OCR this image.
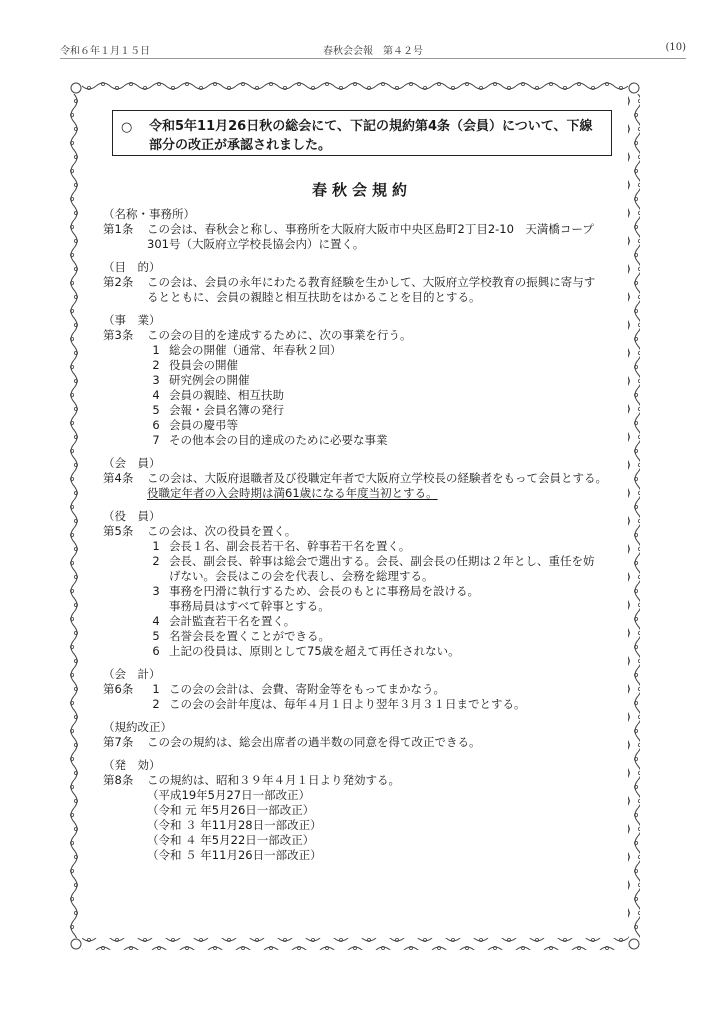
令和６年１月１５日	春秋会会報　第４２号	(10)
○ 令和5年11月26日秋の総会にて、下記の規約第4条（会員）について、下線
部分の改正が承認されました。
春秋会規約
（名称・事務所）
第1条 この会は、春秋会と称し、事務所を大阪府大阪市中央区島町2丁目2-10　天満橋コープ
301号（大阪府立学校長協会内）に置く。
（目　的）
第2条 この会は、会員の永年にわたる教育経験を生かして、大阪府立学校教育の振興に寄与す
るとともに、会員の親睦と相互扶助をはかることを目的とする。
（事　業）
第3条 この会の目的を達成するために、次の事業を行う。
1 総会の開催（通常、年春秋２回）
2 役員会の開催
3 研究例会の開催
4 会員の親睦、相互扶助
5 会報・会員名簿の発行
6 会員の慶弔等
7 その他本会の目的達成のために必要な事業
（会　員）
第4条 この会は、大阪府退職者及び役職定年者で大阪府立学校長の経験者をもって会員とする。
役職定年者の入会時期は満61歳になる年度当初とする。
（役　員）
第5条 この会は、次の役員を置く。
1 会長１名、副会長若干名、幹事若干名を置く。
2 会長、副会長、幹事は総会で選出する。会長、副会長の任期は２年とし、重任を妨
げない。会長はこの会を代表し、会務を総理する。
3 事務を円滑に執行するため、会長のもとに事務局を設ける。
事務局員はすべて幹事とする。
4 会計監査若干名を置く。
5 名誉会長を置くことができる。
6 上記の役員は、原則として75歳を超えて再任されない。
（会　計）
第6条 1 この会の会計は、会費、寄附金等をもってまかなう。
2 この会の会計年度は、毎年４月１日より翌年３月３１日までとする。
（規約改正）
第7条 この会の規約は、総会出席者の過半数の同意を得て改正できる。
（発　効）
第8条 この規約は、昭和３９年４月１日より発効する。
（平成19年5月27日一部改正）
（令和 元 年5月26日一部改正）
（令和 ３ 年11月28日一部改正）
（令和 ４ 年5月22日一部改正）
（令和 ５ 年11月26日一部改正）
